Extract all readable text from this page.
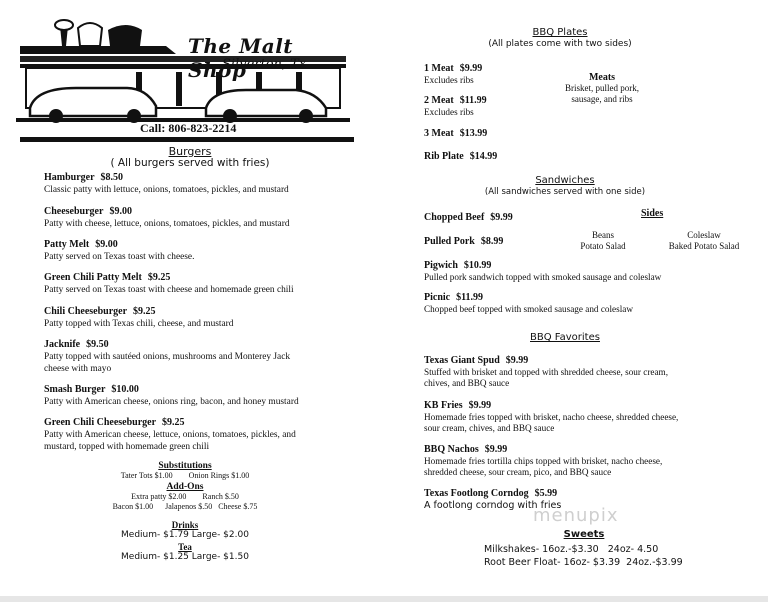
The Malt Shop
Silverton, Tx
Call: 806-823-2214
Burgers
( All burgers served with fries)
Hamburger $8.50
Classic patty with lettuce, onions, tomatoes, pickles, and mustard
Cheeseburger $9.00
Patty with cheese, lettuce, onions, tomatoes, pickles, and mustard
Patty Melt $9.00
Patty served on Texas toast with cheese.
Green Chili Patty Melt $9.25
Patty served on Texas toast with cheese and homemade green chili
Chili Cheeseburger $9.25
Patty topped with Texas chili, cheese, and mustard
Jacknife $9.50
Patty topped with sautéed onions, mushrooms and Monterey Jack cheese with mayo
Smash Burger $10.00
Patty with American cheese, onions ring, bacon, and honey mustard
Green Chili Cheeseburger $9.25
Patty with American cheese, lettuce, onions, tomatoes, pickles, and mustard, topped with homemade green chili
Substitutions
Tater Tots $1.00        Onion Rings $1.00
Add-Ons
Extra patty $2.00        Ranch $.50
Bacon $1.00      Jalapenos $.50   Cheese $.75
Drinks
Medium- $1.79 Large- $2.00
Tea
Medium- $1.25 Large- $1.50
BBQ Plates
(All plates come with two sides)
1 Meat $9.99
Excludes ribs
2 Meat $11.99
Excludes ribs
3 Meat $13.99
Rib Plate $14.99
Meats
Brisket, pulled pork,
sausage, and ribs
Sandwiches
(All sandwiches served with one side)
Chopped Beef $9.99
Pulled Pork $8.99
Pigwich $10.99
Pulled pork sandwich topped with smoked sausage and coleslaw
Picnic $11.99
Chopped beef topped with smoked sausage and coleslaw
Sides
Beans
Potato Salad
Coleslaw
Baked Potato Salad
BBQ Favorites
Texas Giant Spud $9.99
Stuffed with brisket and topped with shredded cheese, sour cream, chives, and BBQ sauce
KB Fries $9.99
Homemade fries topped with brisket, nacho cheese, shredded cheese, sour cream, chives, and BBQ sauce
BBQ Nachos $9.99
Homemade fries tortilla chips topped with brisket, nacho cheese, shredded cheese, sour cream, pico, and BBQ sauce
Texas Footlong Corndog $5.99
A footlong corndog with fries
menupix
Sweets
Milkshakes- 16oz.-$3.30   24oz- 4.50
Root Beer Float- 16oz- $3.39  24oz.-$3.99
